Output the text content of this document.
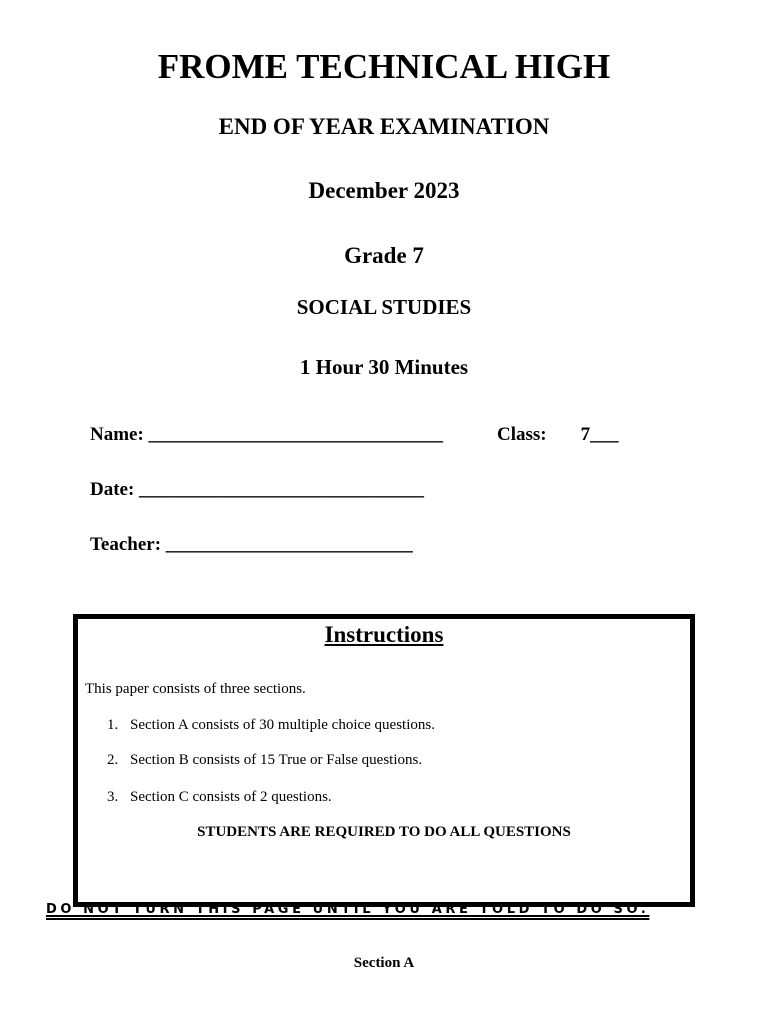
FROME TECHNICAL HIGH
END OF YEAR EXAMINATION
December 2023
Grade 7
SOCIAL STUDIES
1 Hour 30 Minutes
Name: _______________________________	Class: 7___
Date: ______________________________
Teacher: __________________________
Instructions
This paper consists of three sections.
1. Section A consists of 30 multiple choice questions.
2. Section B consists of 15 True or False questions.
3. Section C consists of 2 questions.
STUDENTS ARE REQUIRED TO DO ALL QUESTIONS
DO NOT TURN THIS PAGE UNTIL YOU ARE TOLD TO DO SO.
Section A
